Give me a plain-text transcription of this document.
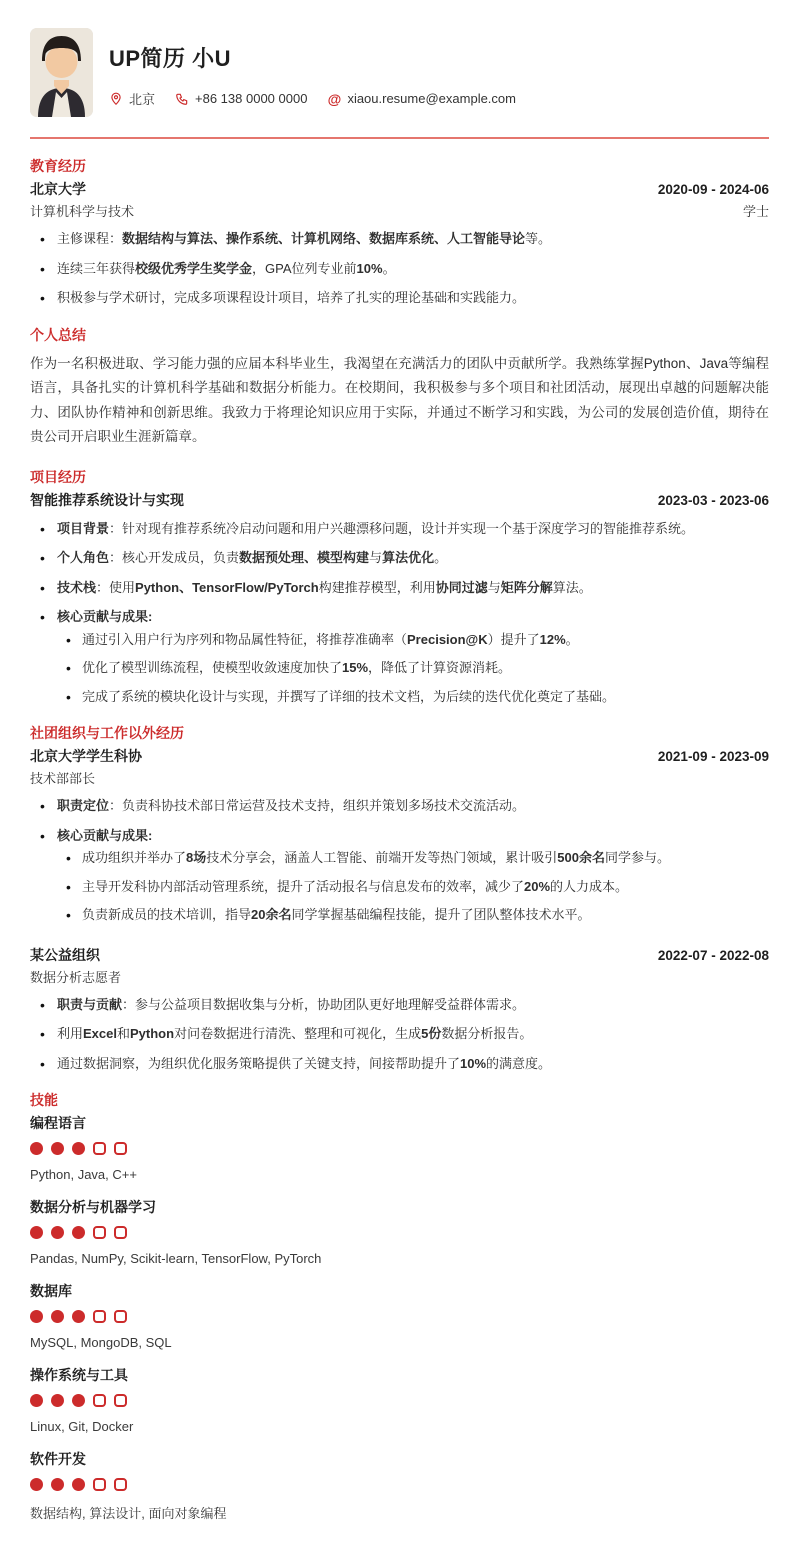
UP简历 小U
北京	+86 138 0000 0000 @ xiaou.resume@example.com
教育经历
北京大学	2020-09 - 2024-06
计算机科学与技术	学士
• 主修课程：数据结构与算法、操作系统、计算机网络、数据库系统、人工智能导论等。
• 连续三年获得校级优秀学生奖学金，GPA位列专业前10%。
• 积极参与学术研讨，完成多项课程设计项目，培养了扎实的理论基础和实践能力。
个人总结

作为一名积极进取、学习能力强的应届本科毕业生，我渴望在充满活力的团队中贡献所学。我熟练掌握Python、Java等编程语言，具备扎实的计算机科学基础和数据分析能力。在校期间，我积极参与多个项目和社团活动，展现出卓越的问题解决能力、团队协作精神和创新思维。我致力于将理论知识应用于实际，并通过不断学习和实践，为公司的发展创造价值，期待在贵公司开启职业生涯新篇章。

项目经历
智能推荐系统设计与实现	2023-03 - 2023-06
• 项目背景：针对现有推荐系统冷启动问题和用户兴趣漂移问题，设计并实现一个基于深度学习的智能推荐系统。
• 个人角色：核心开发成员，负责数据预处理、模型构建与算法优化。
• 技术栈：使用Python、TensorFlow/PyTorch构建推荐模型，利用协同过滤与矩阵分解算法。
• 核心贡献与成果:
• 通过引入用户行为序列和物品属性特征，将推荐准确率（Precision@K）提升了12%。
• 优化了模型训练流程，使模型收敛速度加快了15%，降低了计算资源消耗。
• 完成了系统的模块化设计与实现，并撰写了详细的技术文档，为后续的迭代优化奠定了基础。
社团组织与工作以外经历
北京大学学生科协	2021-09 - 2023-09
技术部部长
• 职责定位：负责科协技术部日常运营及技术支持，组织并策划多场技术交流活动。
• 核心贡献与成果:
• 成功组织并举办了8场技术分享会，涵盖人工智能、前端开发等热门领域，累计吸引500余名同学参与。
• 主导开发科协内部活动管理系统，提升了活动报名与信息发布的效率，减少了20%的人力成本。
• 负责新成员的技术培训，指导20余名同学掌握基础编程技能，提升了团队整体技术水平。
某公益组织	2022-07 - 2022-08
数据分析志愿者
• 职责与贡献：参与公益项目数据收集与分析，协助团队更好地理解受益群体需求。
• 利用Excel和Python对问卷数据进行清洗、整理和可视化，生成5份数据分析报告。
• 通过数据洞察，为组织优化服务策略提供了关键支持，间接帮助提升了10%的满意度。
技能
编程语言
Python, Java, C++
数据分析与机器学习
Pandas, NumPy, Scikit-learn, TensorFlow, PyTorch
数据库
MySQL, MongoDB, SQL
操作系统与工具
Linux, Git, Docker
软件开发
数据结构, 算法设计, 面向对象编程
